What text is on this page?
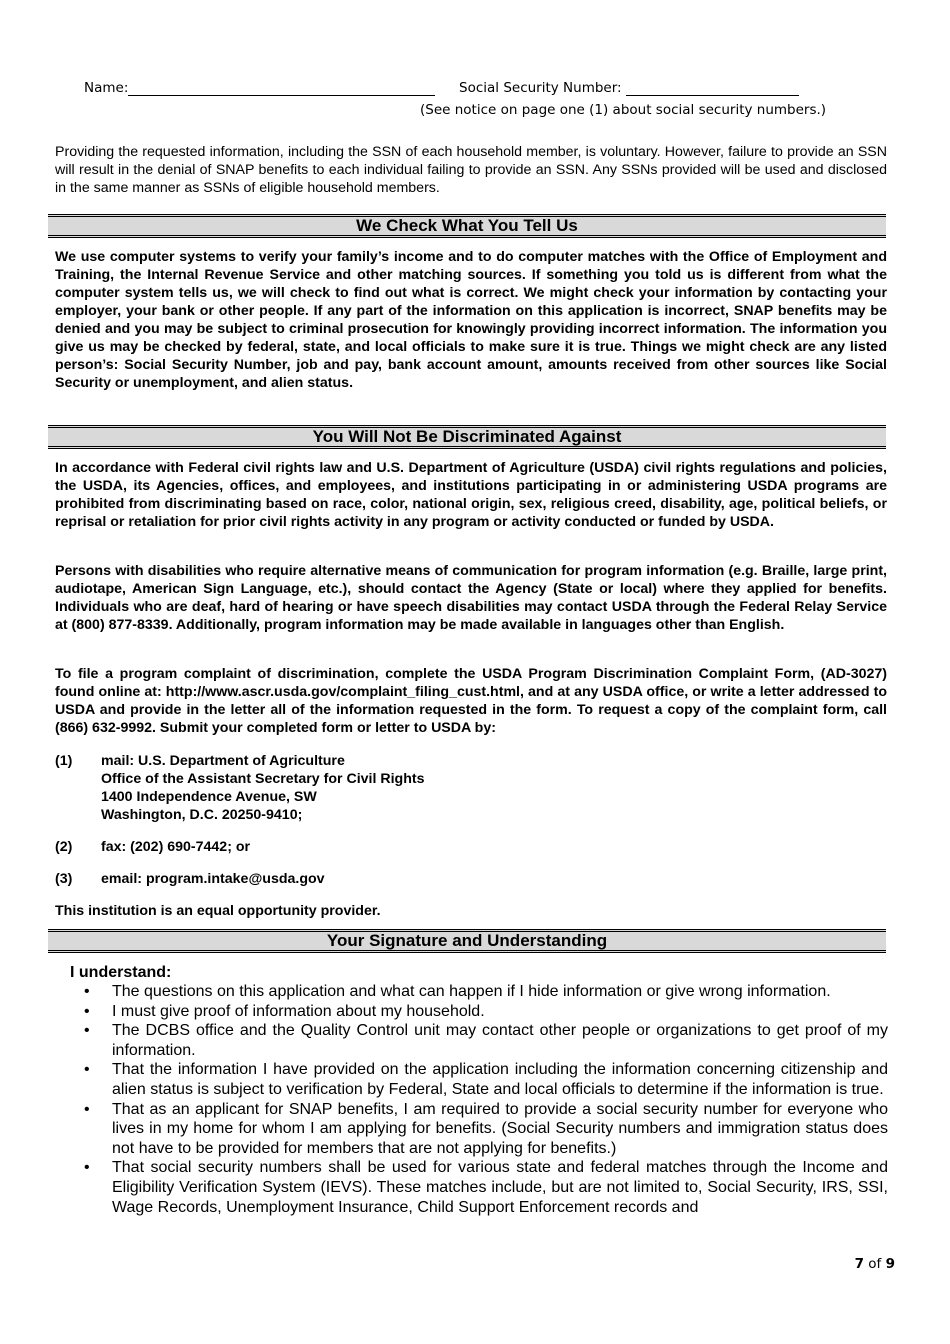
Name:	Social Security Number:
(See notice on page one (1) about social security numbers.)
Providing the requested information, including the SSN of each household member, is voluntary. However, failure to provide an SSN will result in the denial of SNAP benefits to each individual failing to provide an SSN. Any SSNs provided will be used and disclosed in the same manner as SSNs of eligible household members.
We Check What You Tell Us
We use computer systems to verify your family’s income and to do computer matches with the Office of Employment and Training, the Internal Revenue Service and other matching sources. If something you told us is different from what the computer system tells us, we will check to find out what is correct. We might check your information by contacting your employer, your bank or other people. If any part of the information on this application is incorrect, SNAP benefits may be denied and you may be subject to criminal prosecution for knowingly providing incorrect information. The information you give us may be checked by federal, state, and local officials to make sure it is true. Things we might check are any listed person’s: Social Security Number, job and pay, bank account amount, amounts received from other sources like Social Security or unemployment, and alien status.
You Will Not Be Discriminated Against
In accordance with Federal civil rights law and U.S. Department of Agriculture (USDA) civil rights regulations and policies, the USDA, its Agencies, offices, and employees, and institutions participating in or administering USDA programs are prohibited from discriminating based on race, color, national origin, sex, religious creed, disability, age, political beliefs, or reprisal or retaliation for prior civil rights activity in any program or activity conducted or funded by USDA.
Persons with disabilities who require alternative means of communication for program information (e.g. Braille, large print, audiotape, American Sign Language, etc.), should contact the Agency (State or local) where they applied for benefits. Individuals who are deaf, hard of hearing or have speech disabilities may contact USDA through the Federal Relay Service at (800) 877-8339. Additionally, program information may be made available in languages other than English.
To file a program complaint of discrimination, complete the USDA Program Discrimination Complaint Form, (AD-3027) found online at: http://www.ascr.usda.gov/complaint_filing_cust.html, and at any USDA office, or write a letter addressed to USDA and provide in the letter all of the information requested in the form. To request a copy of the complaint form, call (866) 632-9992. Submit your completed form or letter to USDA by:
(1) mail: U.S. Department of Agriculture
Office of the Assistant Secretary for Civil Rights
1400 Independence Avenue, SW
Washington, D.C. 20250-9410;
(2) fax: (202) 690-7442; or
(3) email: program.intake@usda.gov
This institution is an equal opportunity provider.
Your Signature and Understanding
I understand:
• The questions on this application and what can happen if I hide information or give wrong information.
• I must give proof of information about my household.
• The DCBS office and the Quality Control unit may contact other people or organizations to get proof of my information.
• That the information I have provided on the application including the information concerning citizenship and alien status is subject to verification by Federal, State and local officials to determine if the information is true.
• That as an applicant for SNAP benefits, I am required to provide a social security number for everyone who lives in my home for whom I am applying for benefits. (Social Security numbers and immigration status does not have to be provided for members that are not applying for benefits.)
• That social security numbers shall be used for various state and federal matches through the Income and Eligibility Verification System (IEVS). These matches include, but are not limited to, Social Security, IRS, SSI, Wage Records, Unemployment Insurance, Child Support Enforcement records and
7 of 9
